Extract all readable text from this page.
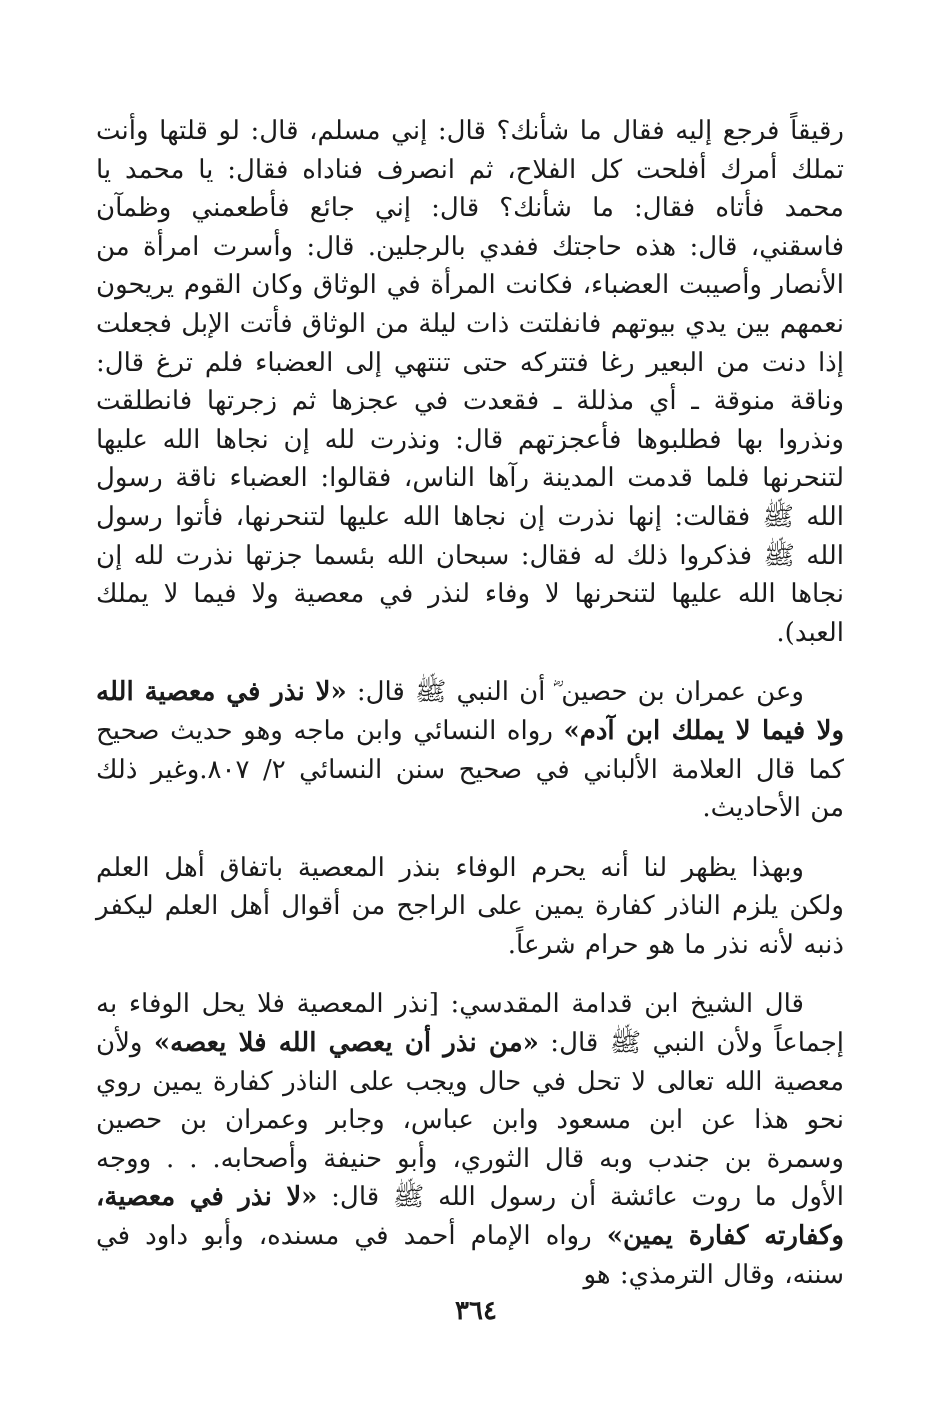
رقيقاً فرجع إليه فقال ما شأنك؟ قال: إني مسلم، قال: لو قلتها وأنت تملك أمرك أفلحت كل الفلاح، ثم انصرف فناداه فقال: يا محمد يا محمد فأتاه فقال: ما شأنك؟ قال: إني جائع فأطعمني وظمآن فاسقني، قال: هذه حاجتك ففدي بالرجلين. قال: وأسرت امرأة من الأنصار وأصيبت العضباء، فكانت المرأة في الوثاق وكان القوم يريحون نعمهم بين يدي بيوتهم فانفلتت ذات ليلة من الوثاق فأتت الإبل فجعلت إذا دنت من البعير رغا فتتركه حتى تنتهي إلى العضباء فلم ترغ قال: وناقة منوقة ـ أي مذللة ـ فقعدت في عجزها ثم زجرتها فانطلقت ونذروا بها فطلبوها فأعجزتهم قال: ونذرت لله إن نجاها الله عليها لتنحرنها فلما قدمت المدينة رآها الناس، فقالوا: العضباء ناقة رسول الله ﷺ فقالت: إنها نذرت إن نجاها الله عليها لتنحرنها، فأتوا رسول الله ﷺ فذكروا ذلك له فقال: سبحان الله بئسما جزتها نذرت لله إن نجاها الله عليها لتنحرنها لا وفاء لنذر في معصية ولا فيما لا يملك العبد).

وعن عمران بن حصين ؓ أن النبي ﷺ قال: «لا نذر في معصية الله ولا فيما لا يملك ابن آدم» رواه النسائي وابن ماجه وهو حديث صحيح كما قال العلامة الألباني في صحيح سنن النسائي ٢/ ٨٠٧.وغير ذلك من الأحاديث.

وبهذا يظهر لنا أنه يحرم الوفاء بنذر المعصية باتفاق أهل العلم ولكن يلزم الناذر كفارة يمين على الراجح من أقوال أهل العلم ليكفر ذنبه لأنه نذر ما هو حرام شرعاً.

قال الشيخ ابن قدامة المقدسي: [نذر المعصية فلا يحل الوفاء به إجماعاً ولأن النبي ﷺ قال: «من نذر أن يعصي الله فلا يعصه» ولأن معصية الله تعالى لا تحل في حال ويجب على الناذر كفارة يمين روي نحو هذا عن ابن مسعود وابن عباس، وجابر وعمران بن حصين وسمرة بن جندب وبه قال الثوري، وأبو حنيفة وأصحابه. . . ووجه الأول ما روت عائشة أن رسول الله ﷺ قال: «لا نذر في معصية، وكفارته كفارة يمين» رواه الإمام أحمد في مسنده، وأبو داود في سننه، وقال الترمذي: هو

٣٦٤
